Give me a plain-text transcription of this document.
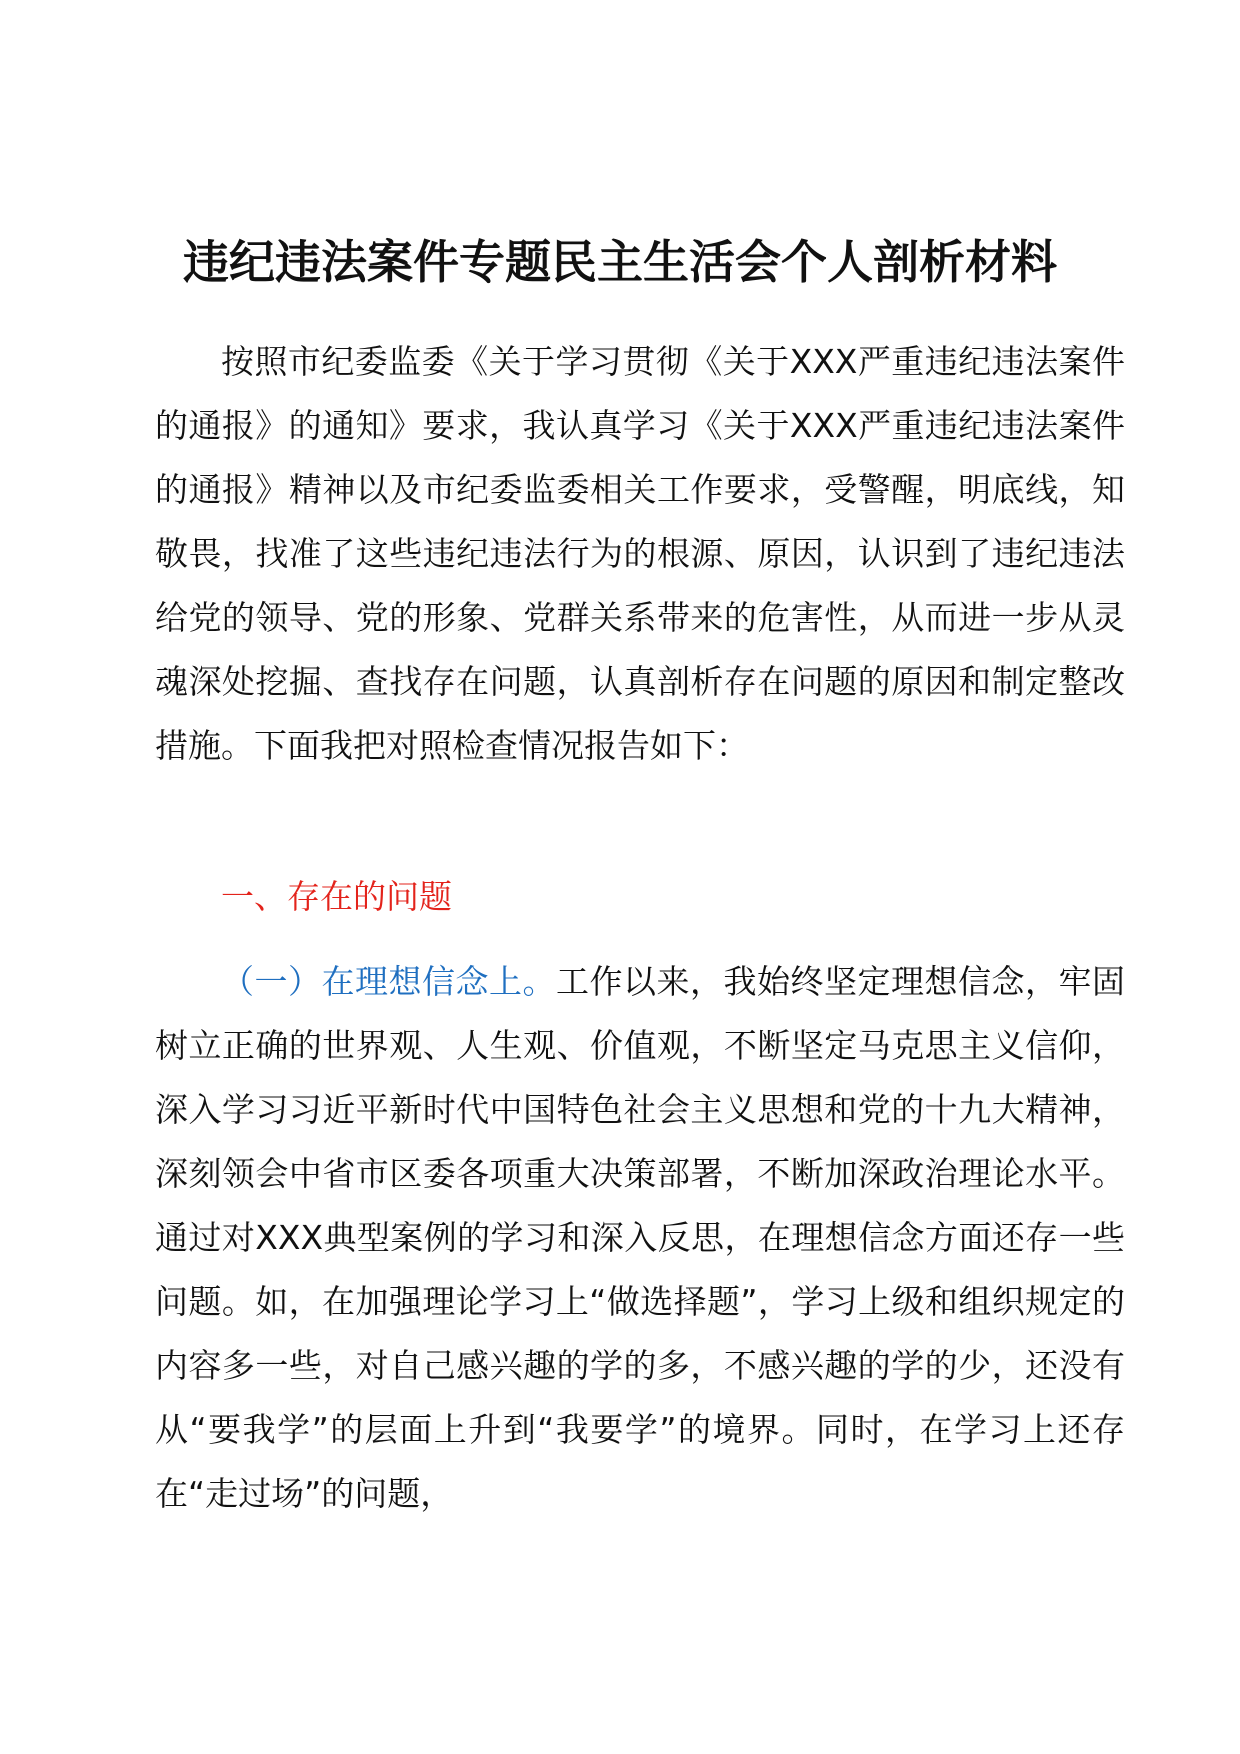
违纪违法案件专题民主生活会个人剖析材料

按照市纪委监委《关于学习贯彻《关于XXX严重违纪违法案件的通报》的通知》要求，我认真学习《关于XXX严重违纪违法案件的通报》精神以及市纪委监委相关工作要求，受警醒，明底线，知敬畏，找准了这些违纪违法行为的根源、原因，认识到了违纪违法给党的领导、党的形象、党群关系带来的危害性，从而进一步从灵魂深处挖掘、查找存在问题，认真剖析存在问题的原因和制定整改措施。下面我把对照检查情况报告如下：

一、存在的问题

（一）在理想信念上。工作以来，我始终坚定理想信念，牢固树立正确的世界观、人生观、价值观，不断坚定马克思主义信仰，深入学习习近平新时代中国特色社会主义思想和党的十九大精神，深刻领会中省市区委各项重大决策部署，不断加深政治理论水平。通过对XXX典型案例的学习和深入反思，在理想信念方面还存一些问题。如，在加强理论学习上“做选择题”，学习上级和组织规定的内容多一些，对自己感兴趣的学的多，不感兴趣的学的少，还没有从“要我学”的层面上升到“我要学”的境界。同时，在学习上还存在“走过场”的问题，
